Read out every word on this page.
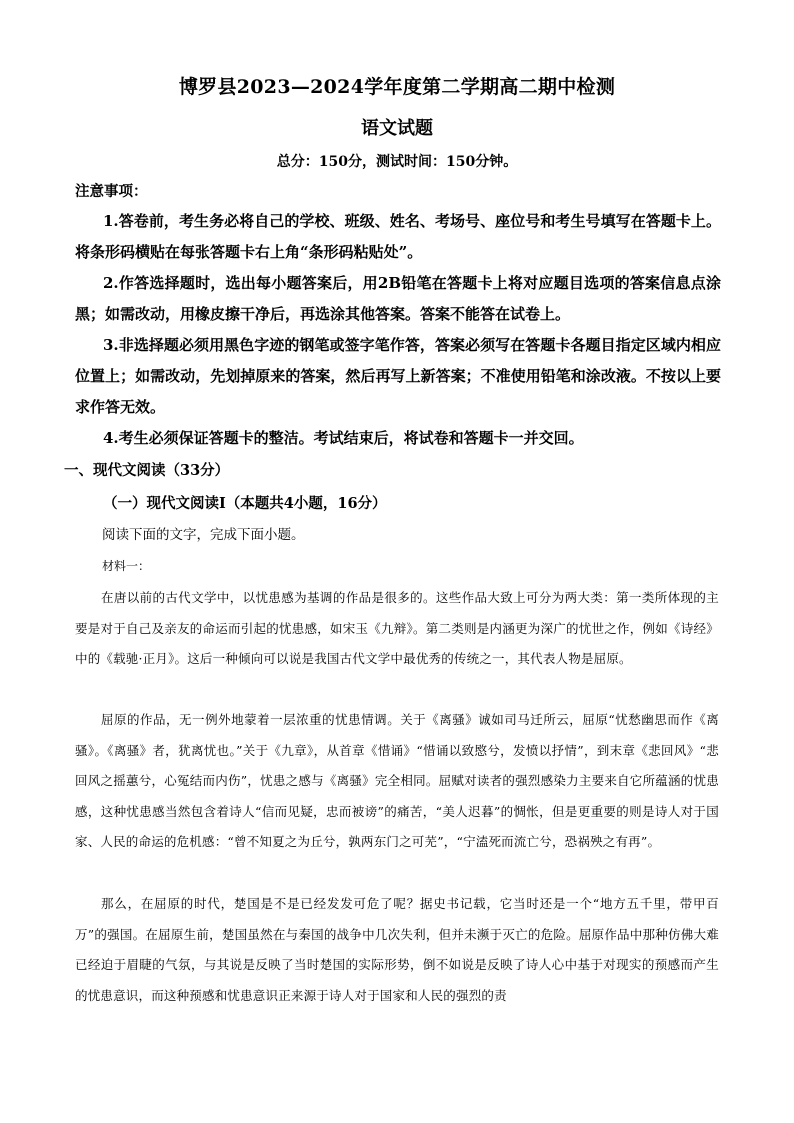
博罗县2023—2024学年度第二学期高二期中检测
语文试题
总分：150分，测试时间：150分钟。
注意事项：
1.答卷前，考生务必将自己的学校、班级、姓名、考场号、座位号和考生号填写在答题卡上。将条形码横贴在每张答题卡右上角“条形码粘贴处”。
2.作答选择题时，选出每小题答案后，用2B铅笔在答题卡上将对应题目选项的答案信息点涂黑；如需改动，用橡皮擦干净后，再选涂其他答案。答案不能答在试卷上。
3.非选择题必须用黑色字迹的钢笔或签字笔作答，答案必须写在答题卡各题目指定区域内相应位置上；如需改动，先划掉原来的答案，然后再写上新答案；不准使用铅笔和涂改液。不按以上要求作答无效。
4.考生必须保证答题卡的整洁。考试结束后，将试卷和答题卡一并交回。
一、现代文阅读（33分）
（一）现代文阅读Ⅰ（本题共4小题，16分）
阅读下面的文字，完成下面小题。
材料一：
在唐以前的古代文学中，以忧患感为基调的作品是很多的。这些作品大致上可分为两大类：第一类所体现的主要是对于自己及亲友的命运而引起的忧患感，如宋玉《九辩》。第二类则是内涵更为深广的忧世之作，例如《诗经》中的《载驰·正月》。这后一种倾向可以说是我国古代文学中最优秀的传统之一，其代表人物是屈原。
屈原的作品，无一例外地蒙着一层浓重的忧患情调。关于《离骚》诚如司马迁所云，屈原“忧愁幽思而作《离骚》。《离骚》者，犹离忧也。”关于《九章》，从首章《惜诵》“惜诵以致愍兮，发愤以抒情”，到末章《悲回风》“悲回风之摇蕙兮，心冤结而内伤”，忧患之感与《离骚》完全相同。屈赋对读者的强烈感染力主要来自它所蕴涵的忧患感，这种忧患感当然包含着诗人“信而见疑，忠而被谤”的痛苦，“美人迟暮”的惆怅，但是更重要的则是诗人对于国家、人民的命运的危机感：“曾不知夏之为丘兮，孰两东门之可芜”，“宁溘死而流亡兮，恐祸殃之有再”。
那么，在屈原的时代，楚国是不是已经发发可危了呢？据史书记载，它当时还是一个“地方五千里，带甲百万”的强国。在屈原生前，楚国虽然在与秦国的战争中几次失利，但并未濒于灭亡的危险。屈原作品中那种仿佛大难已经迫于眉睫的气氛，与其说是反映了当时楚国的实际形势，倒不如说是反映了诗人心中基于对现实的预感而产生的忧患意识，而这种预感和忧患意识正来源于诗人对于国家和人民的强烈的责
